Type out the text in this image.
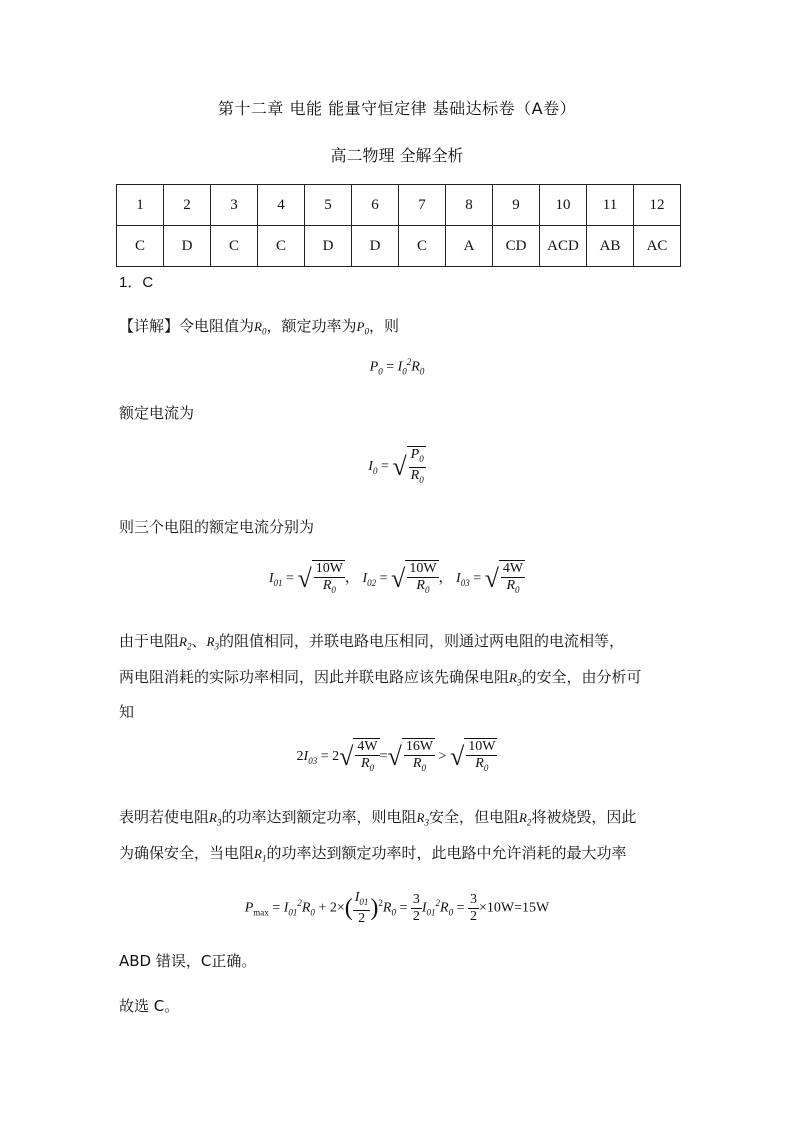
第十二章 电能 能量守恒定律 基础达标卷（A卷）
高二物理 全解全析
1	2	3	4	5	6	7	8	9	10	11	12
C	D	C	C	D	D	C	A	CD	ACD	AB	AC
1．C
【详解】令电阻值为$R_0$，额定功率为$P_0$，则
$P_0 = I_0^2R_0$
额定电流为
$I_0$ = √ $\frac{P_0}{R_0}$
则三个电阻的额定电流分别为
$I_{01}$ = √ $\frac{10W}{R_0}$ ， $I_{02}$ = √ $\frac{10W}{R_0}$ ， $I_{03}$ = √ $\frac{4W}{R_0}$
由于电阻$R_2$、$R_3$的阻值相同，并联电路电压相同，则通过两电阻的电流相等，
两电阻消耗的实际功率相同，因此并联电路应该先确保电阻$R_3$的安全，由分析可
知
$2I_{03} = 2√ \frac{4W}{R_0}$ =√ $\frac{16W}{R_0}$ > √ $\frac{10W}{R_0}$
表明若使电阻$R_3$的功率达到额定功率，则电阻$R_3$安全，但电阻$R_2$将被烧毁，因此
为确保安全，当电阻$R_1$的功率达到额定功率时，此电路中允许消耗的最大功率
$P_{max} = I_{01}^2R_0 + 2\times( \frac{I_{01}}{2} )^2R_0 = \frac{3}{2} I_{01}^2R_0 = \frac{3}{2} \times 10W=15W$
ABD 错误，C正确。
故选 C。
